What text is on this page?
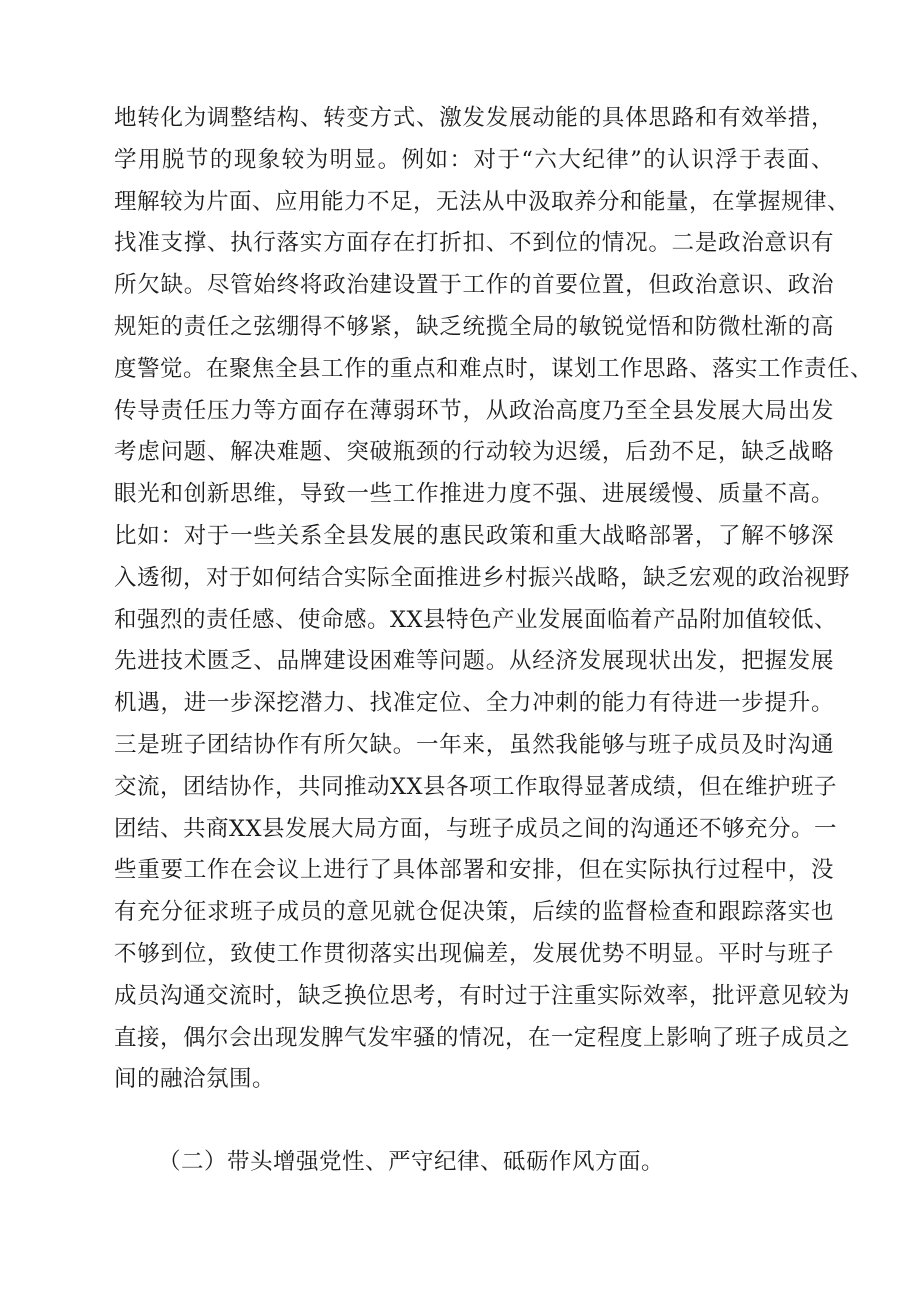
地转化为调整结构、转变方式、激发发展动能的具体思路和有效举措，
学用脱节的现象较为明显。例如：对于“六大纪律”的认识浮于表面、
理解较为片面、应用能力不足，无法从中汲取养分和能量，在掌握规律、
找准支撑、执行落实方面存在打折扣、不到位的情况。二是政治意识有
所欠缺。尽管始终将政治建设置于工作的首要位置，但政治意识、政治
规矩的责任之弦绷得不够紧，缺乏统揽全局的敏锐觉悟和防微杜渐的高
度警觉。在聚焦全县工作的重点和难点时，谋划工作思路、落实工作责任、
传导责任压力等方面存在薄弱环节，从政治高度乃至全县发展大局出发
考虑问题、解决难题、突破瓶颈的行动较为迟缓，后劲不足，缺乏战略
眼光和创新思维，导致一些工作推进力度不强、进展缓慢、质量不高。
比如：对于一些关系全县发展的惠民政策和重大战略部署，了解不够深
入透彻，对于如何结合实际全面推进乡村振兴战略，缺乏宏观的政治视野
和强烈的责任感、使命感。XX县特色产业发展面临着产品附加值较低、
先进技术匮乏、品牌建设困难等问题。从经济发展现状出发，把握发展
机遇，进一步深挖潜力、找准定位、全力冲刺的能力有待进一步提升。
三是班子团结协作有所欠缺。一年来，虽然我能够与班子成员及时沟通
交流，团结协作，共同推动XX县各项工作取得显著成绩，但在维护班子
团结、共商XX县发展大局方面，与班子成员之间的沟通还不够充分。一
些重要工作在会议上进行了具体部署和安排，但在实际执行过程中，没
有充分征求班子成员的意见就仓促决策，后续的监督检查和跟踪落实也
不够到位，致使工作贯彻落实出现偏差，发展优势不明显。平时与班子
成员沟通交流时，缺乏换位思考，有时过于注重实际效率，批评意见较为
直接，偶尔会出现发脾气发牢骚的情况，在一定程度上影响了班子成员之
间的融洽氛围。
（二）带头增强党性、严守纪律、砥砺作风方面。
